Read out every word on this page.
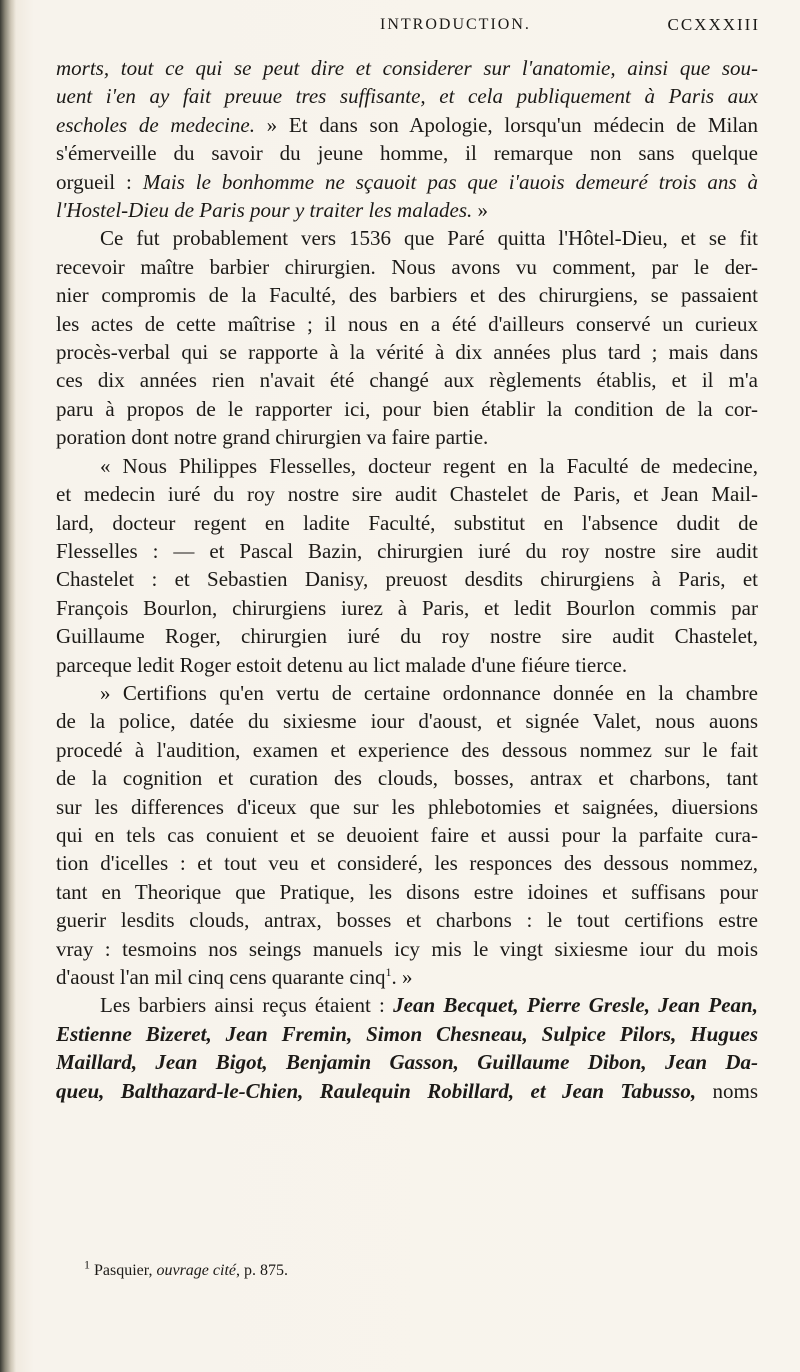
INTRODUCTION.	CCXXXIII
morts, tout ce qui se peut dire et considerer sur l'anatomie, ainsi que sou-
uent i'en ay fait preuue tres suffisante, et cela publiquement à Paris aux
escholes de medecine. » Et dans son Apologie, lorsqu'un médecin de Milan
s'émerveille du savoir du jeune homme, il remarque non sans quelque
orgueil : Mais le bonhomme ne sçauoit pas que i'auois demeuré trois ans à
l'Hostel-Dieu de Paris pour y traiter les malades. »
Ce fut probablement vers 1536 que Paré quitta l'Hôtel-Dieu, et se fit
recevoir maître barbier chirurgien. Nous avons vu comment, par le der-
nier compromis de la Faculté, des barbiers et des chirurgiens, se passaient
les actes de cette maîtrise ; il nous en a été d'ailleurs conservé un curieux
procès-verbal qui se rapporte à la vérité à dix années plus tard ; mais dans
ces dix années rien n'avait été changé aux règlements établis, et il m'a
paru à propos de le rapporter ici, pour bien établir la condition de la cor-
poration dont notre grand chirurgien va faire partie.
« Nous Philippes Flesselles, docteur regent en la Faculté de medecine,
et medecin iuré du roy nostre sire audit Chastelet de Paris, et Jean Mail-
lard, docteur regent en ladite Faculté, substitut en l'absence dudit de
Flesselles : — et Pascal Bazin, chirurgien iuré du roy nostre sire audit
Chastelet : et Sebastien Danisy, preuost desdits chirurgiens à Paris, et
François Bourlon, chirurgiens iurez à Paris, et ledit Bourlon commis par
Guillaume Roger, chirurgien iuré du roy nostre sire audit Chastelet,
parceque ledit Roger estoit detenu au lict malade d'une fiéure tierce.
» Certifions qu'en vertu de certaine ordonnance donnée en la chambre
de la police, datée du sixiesme iour d'aoust, et signée Valet, nous auons
procedé à l'audition, examen et experience des dessous nommez sur le fait
de la cognition et curation des clouds, bosses, antrax et charbons, tant
sur les differences d'iceux que sur les phlebotomies et saignées, diuersions
qui en tels cas conuient et se deuoient faire et aussi pour la parfaite cura-
tion d'icelles : et tout veu et consideré, les responces des dessous nommez,
tant en Theorique que Pratique, les disons estre idoines et suffisans pour
guerir lesdits clouds, antrax, bosses et charbons : le tout certifions estre
vray : tesmoins nos seings manuels icy mis le vingt sixiesme iour du mois
d'aoust l'an mil cinq cens quarante cinq$^1$. »
Les barbiers ainsi reçus étaient : Jean Becquet, Pierre Gresle, Jean Pean,
Estienne Bizeret, Jean Fremin, Simon Chesneau, Sulpice Pilors, Hugues
Maillard, Jean Bigot, Benjamin Gasson, Guillaume Dibon, Jean Da-
queu, Balthazard-le-Chien, Raulequin Robillard, et Jean Tabusso, noms
$^1$ Pasquier, ouvrage cité, p. 875.
